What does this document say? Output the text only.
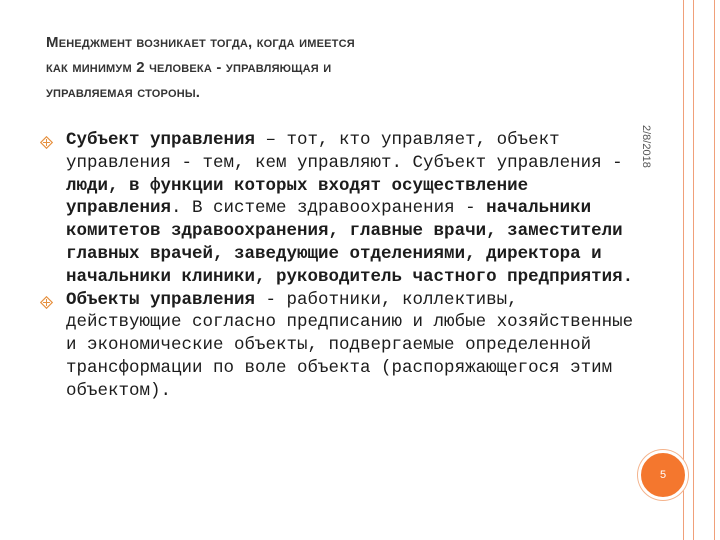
Менеджмент возникает тогда, когда имеется
как минимум 2 человека - управляющая и
управляемая стороны.
Субъект управления – тот, кто управляет, объект управления - тем, кем управляют. Субъект управления - люди, в функции которых входят осуществление управления. В системе здравоохранения - начальники комитетов здравоохранения, главные врачи, заместители главных врачей, заведующие отделениями, директора и начальники клиники, руководитель частного предприятия.
Объекты управления - работники, коллективы, действующие согласно предписанию и любые хозяйственные и экономические объекты, подвергаемые определенной трансформации по воле объекта (распоряжающегося этим объектом).
2/8/2018
5
